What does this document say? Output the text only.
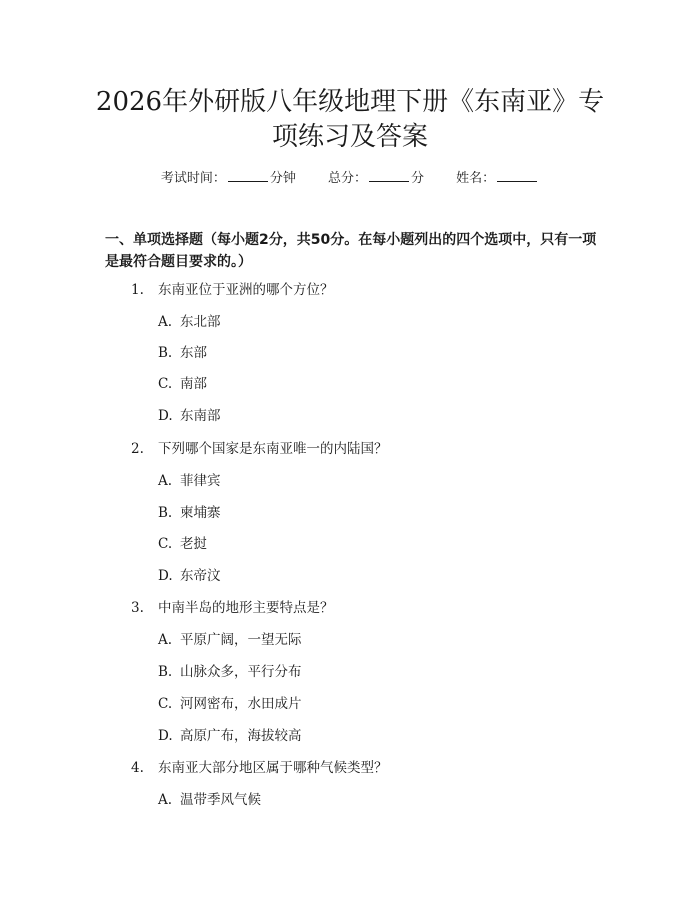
2026年外研版八年级地理下册《东南亚》专
项练习及答案
考试时间：	分钟 总分：	分 姓名：

一、单项选择题（每小题2分，共50分。在每小题列出的四个选项中，只有一项

是最符合题目要求的。）

1. 东南亚位于亚洲的哪个方位？
A. 东北部
B. 东部
C. 南部
D. 东南部
2. 下列哪个国家是东南亚唯一的内陆国？
A. 菲律宾
B. 柬埔寨
C. 老挝
D. 东帝汶
3. 中南半岛的地形主要特点是？
A. 平原广阔，一望无际
B. 山脉众多，平行分布
C. 河网密布，水田成片
D. 高原广布，海拔较高
4. 东南亚大部分地区属于哪种气候类型？
A. 温带季风气候
